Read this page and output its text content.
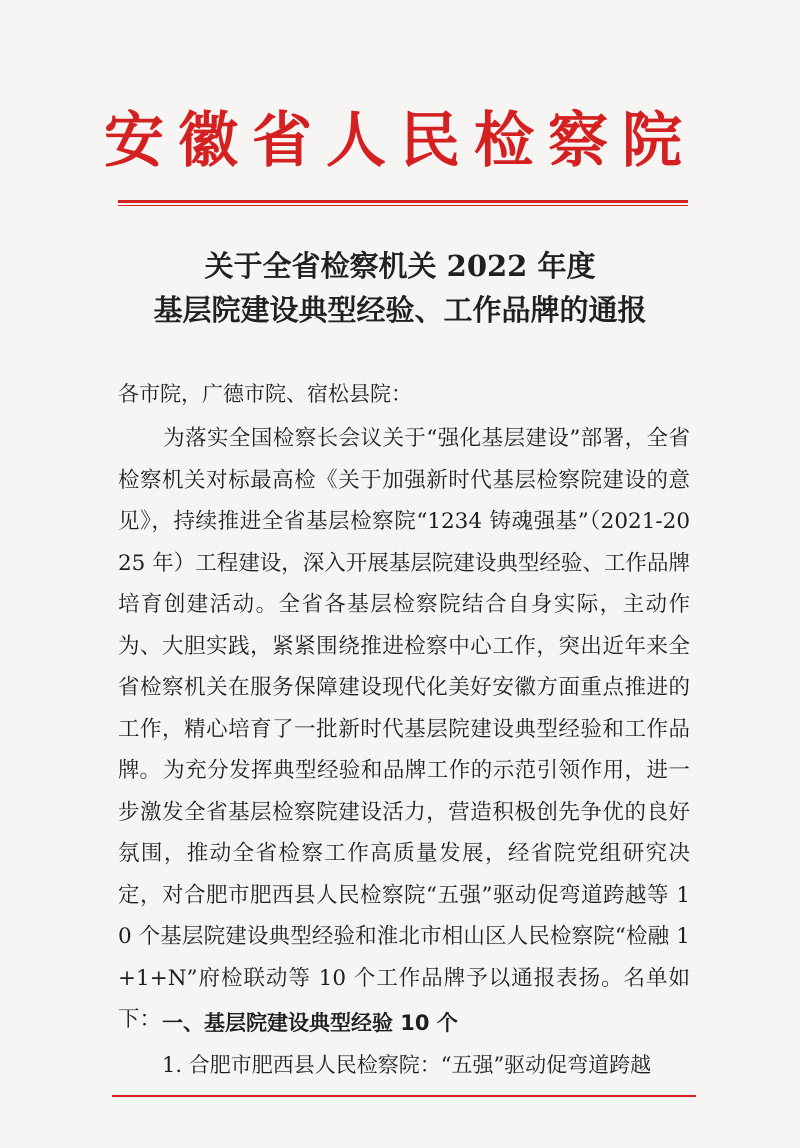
安徽省人民检察院
关于全省检察机关 2022 年度
基层院建设典型经验、工作品牌的通报
各市院，广德市院、宿松县院：
为落实全国检察长会议关于“强化基层建设”部署，全省检察机关对标最高检《关于加强新时代基层检察院建设的意见》，持续推进全省基层检察院“1234 铸魂强基”（2021-2025 年）工程建设，深入开展基层院建设典型经验、工作品牌培育创建活动。全省各基层检察院结合自身实际，主动作为、大胆实践，紧紧围绕推进检察中心工作，突出近年来全省检察机关在服务保障建设现代化美好安徽方面重点推进的工作，精心培育了一批新时代基层院建设典型经验和工作品牌。 为充分发挥典型经验和品牌工作的示范引领作用，进一步激发全省基层检察院建设活力，营造积极创先争优的良好氛围，推动全省检察工作高质量发展，经省院党组研究决定，对合肥市肥西县人民检察院“五强”驱动促弯道跨越等 10 个基层院建设典型经验和淮北市相山区人民检察院“检融 1+1+N”府检联动等 10 个工作品牌予以通报表扬。名单如下： 一、基层院建设典型经验 10 个
1. 合肥市肥西县人民检察院：“五强”驱动促弯道跨越
